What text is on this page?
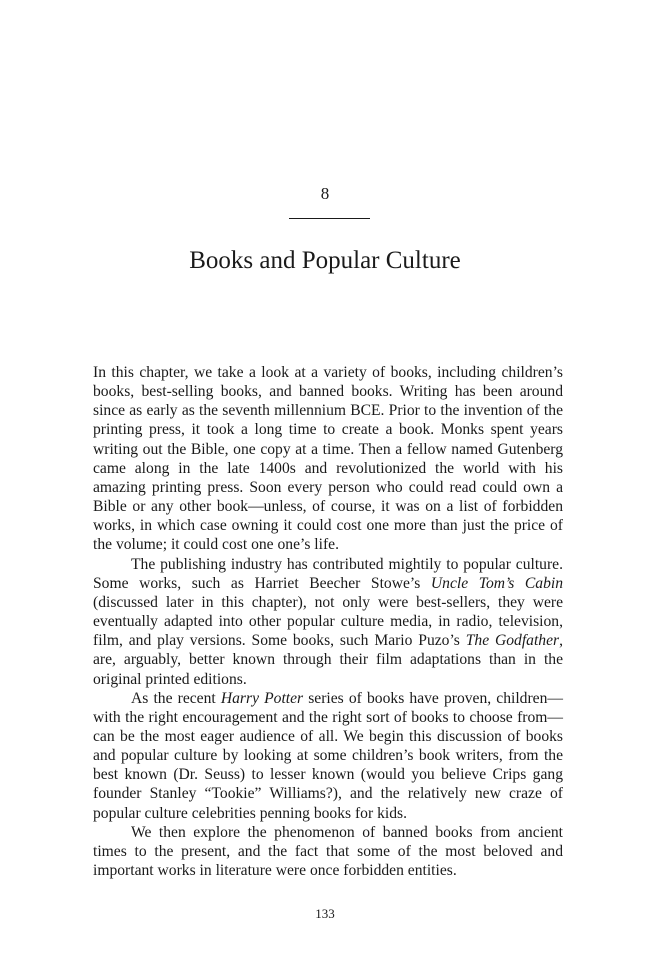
8
Books and Popular Culture

In this chapter, we take a look at a variety of books, including children’s books, best-selling books, and banned books. Writing has been around since as early as the seventh millennium BCE. Prior to the invention of the printing press, it took a long time to create a book. Monks spent years writing out the Bible, one copy at a time. Then a fellow named Gutenberg came along in the late 1400s and revolutionized the world with his amazing printing press. Soon every person who could read could own a Bible or any other book—unless, of course, it was on a list of forbidden works, in which case owning it could cost one more than just the price of the volume; it could cost one one’s life.

The publishing industry has contributed mightily to popular culture. Some works, such as Harriet Beecher Stowe’s Uncle Tom’s Cabin (discussed later in this chapter), not only were best-sellers, they were eventually adapted into other popular culture media, in radio, television, film, and play versions. Some books, such Mario Puzo’s The Godfather, are, arguably, better known through their film adaptations than in the original printed editions.

As the recent Harry Potter series of books have proven, children—with the right encouragement and the right sort of books to choose from—can be the most eager audience of all. We begin this discussion of books and popular culture by looking at some children’s book writers, from the best known (Dr. Seuss) to lesser known (would you believe Crips gang founder Stanley “Tookie” Williams?), and the relatively new craze of popular culture celebrities penning books for kids.

We then explore the phenomenon of banned books from ancient times to the present, and the fact that some of the most beloved and important works in literature were once forbidden entities.

133
